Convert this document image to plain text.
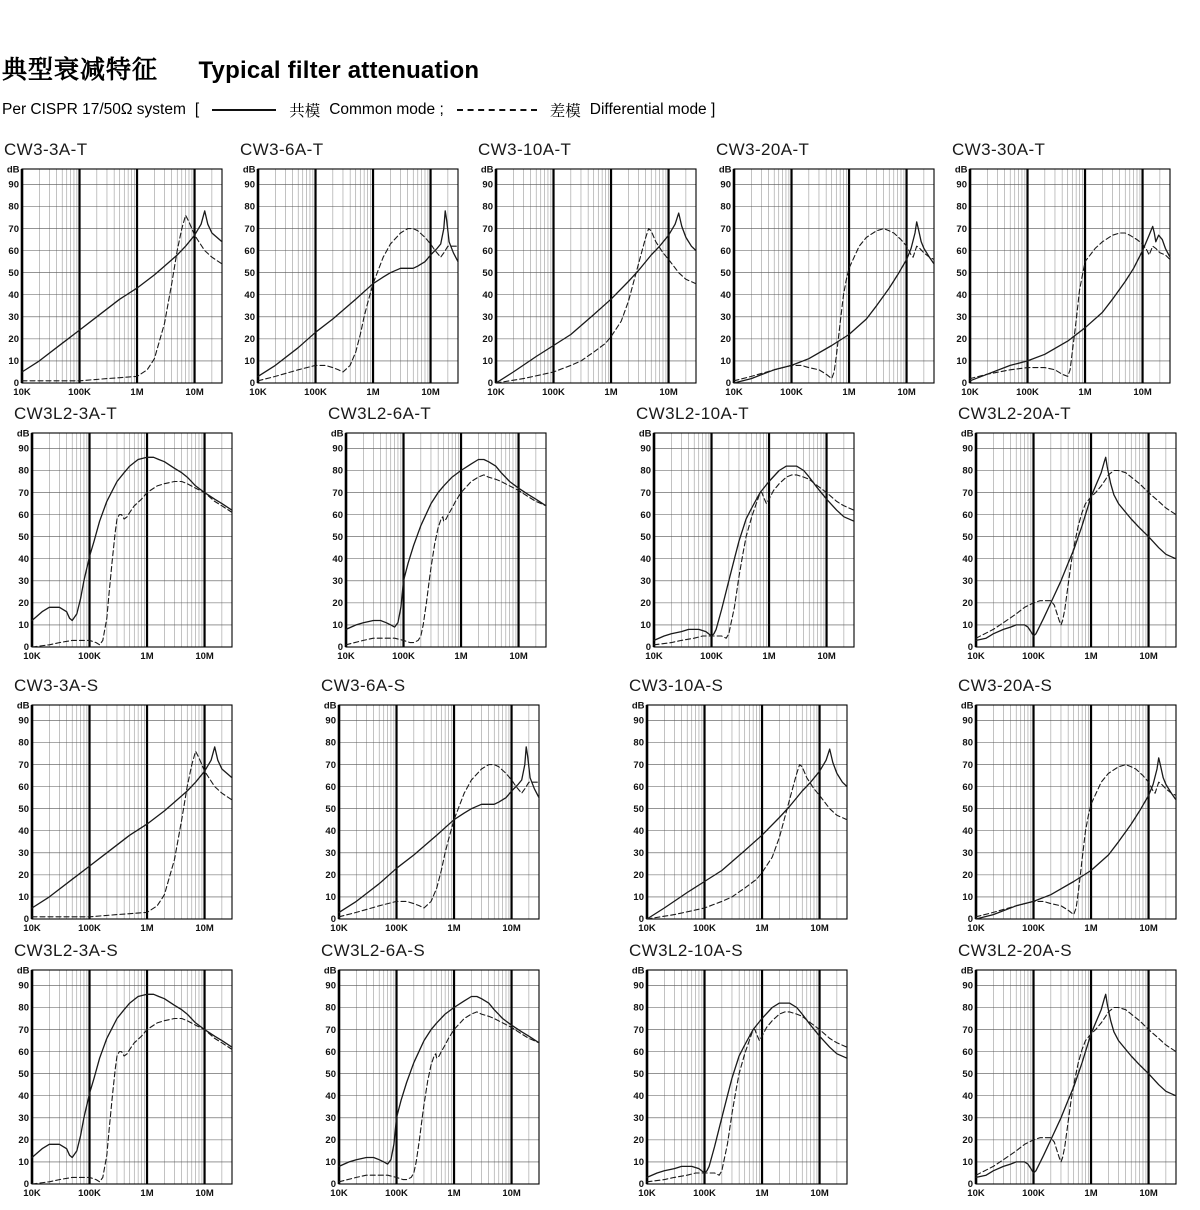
典型衰减特征 Typical filter attenuation
Per CISPR 17/50Ω system [	共模 Common mode ;	差模 Differential mode ]
CW3-3A-T
0
10
20
30
40
50
60
70
80
90
dB
10K	100K	1M	10M
CW3-6A-T
0
10
20
30
40
50
60
70
80
90
dB
10K	100K	1M	10M
CW3-10A-T
0
10
20
30
40
50
60
70
80
90
dB
10K	100K	1M	10M
CW3-20A-T
0
10
20
30
40
50
60
70
80
90
dB
10K	100K	1M	10M
CW3-30A-T
0
10
20
30
40
50
60
70
80
90
dB
10K	100K	1M	10M
CW3L2-3A-T
0
10
20
30
40
50
60
70
80
90
dB
10K	100K	1M	10M
CW3L2-6A-T
0
10
20
30
40
50
60
70
80
90
dB
10K	100K	1M	10M
CW3L2-10A-T
0
10
20
30
40
50
60
70
80
90
dB
10K	100K	1M	10M
CW3L2-20A-T
0
10
20
30
40
50
60
70
80
90
dB
10K	100K	1M	10M
CW3-3A-S
0
10
20
30
40
50
60
70
80
90
dB
10K	100K	1M	10M
CW3-6A-S
0
10
20
30
40
50
60
70
80
90
dB
10K	100K	1M	10M
CW3-10A-S
0
10
20
30
40
50
60
70
80
90
dB
10K	100K	1M	10M
CW3-20A-S
0
10
20
30
40
50
60
70
80
90
dB
10K	100K	1M	10M
CW3L2-3A-S
0
10
20
30
40
50
60
70
80
90
dB
10K	100K	1M	10M
CW3L2-6A-S
0
10
20
30
40
50
60
70
80
90
dB
10K	100K	1M	10M
CW3L2-10A-S
0
10
20
30
40
50
60
70
80
90
dB
10K	100K	1M	10M
CW3L2-20A-S
0
10
20
30
40
50
60
70
80
90
dB
10K	100K	1M	10M
